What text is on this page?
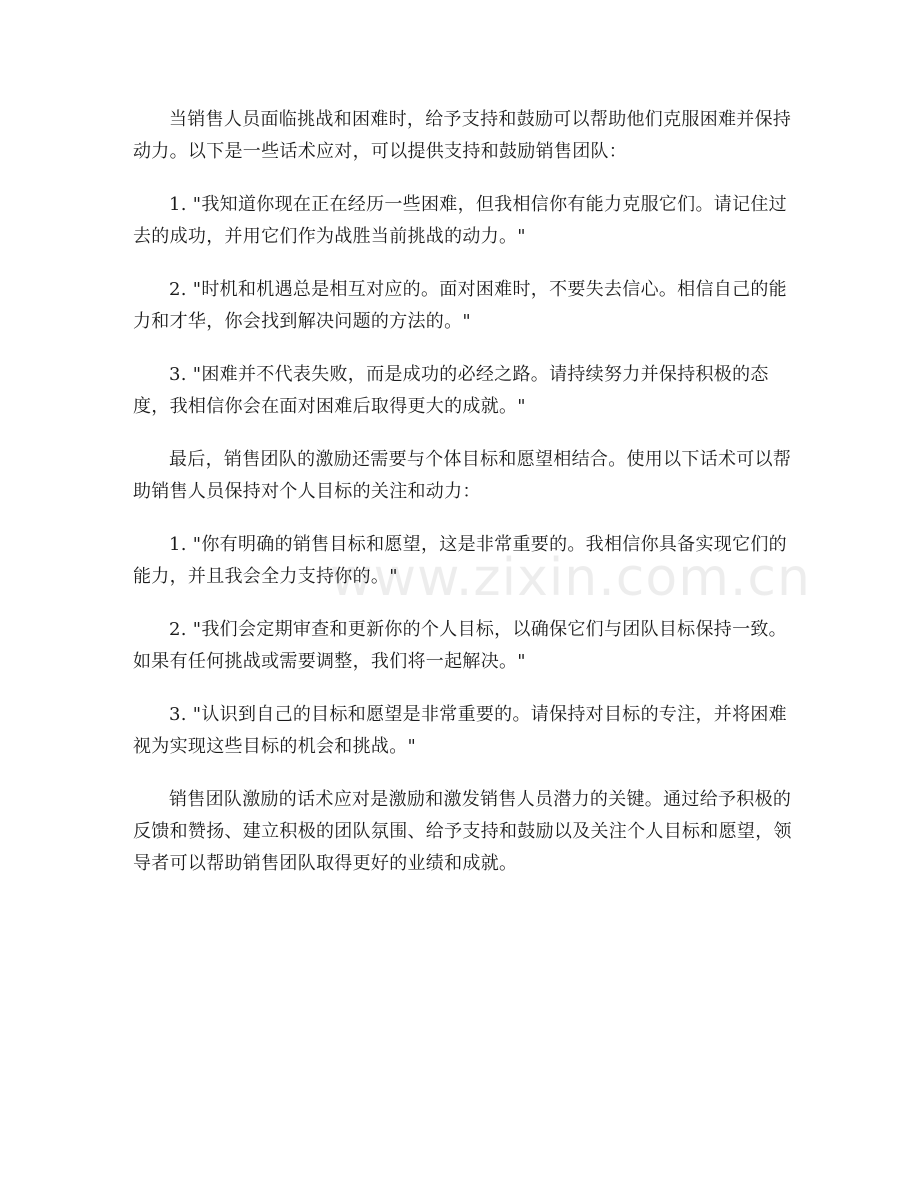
当销售人员面临挑战和困难时，给予支持和鼓励可以帮助他们克服困难并保持动力。以下是一些话术应对，可以提供支持和鼓励销售团队：

1. "我知道你现在正在经历一些困难，但我相信你有能力克服它们。请记住过去的成功，并用它们作为战胜当前挑战的动力。"

2. "时机和机遇总是相互对应的。面对困难时，不要失去信心。相信自己的能力和才华，你会找到解决问题的方法的。"

3. "困难并不代表失败，而是成功的必经之路。请持续努力并保持积极的态度，我相信你会在面对困难后取得更大的成就。"

最后，销售团队的激励还需要与个体目标和愿望相结合。使用以下话术可以帮助销售人员保持对个人目标的关注和动力：

1. "你有明确的销售目标和愿望，这是非常重要的。我相信你具备实现它们的能力，并且我会全力支持你的。"

2. "我们会定期审查和更新你的个人目标，以确保它们与团队目标保持一致。如果有任何挑战或需要调整，我们将一起解决。"

3. "认识到自己的目标和愿望是非常重要的。请保持对目标的专注，并将困难视为实现这些目标的机会和挑战。"

销售团队激励的话术应对是激励和激发销售人员潜力的关键。通过给予积极的反馈和赞扬、建立积极的团队氛围、给予支持和鼓励以及关注个人目标和愿望，领导者可以帮助销售团队取得更好的业绩和成就。

www.zixin.com.cn
